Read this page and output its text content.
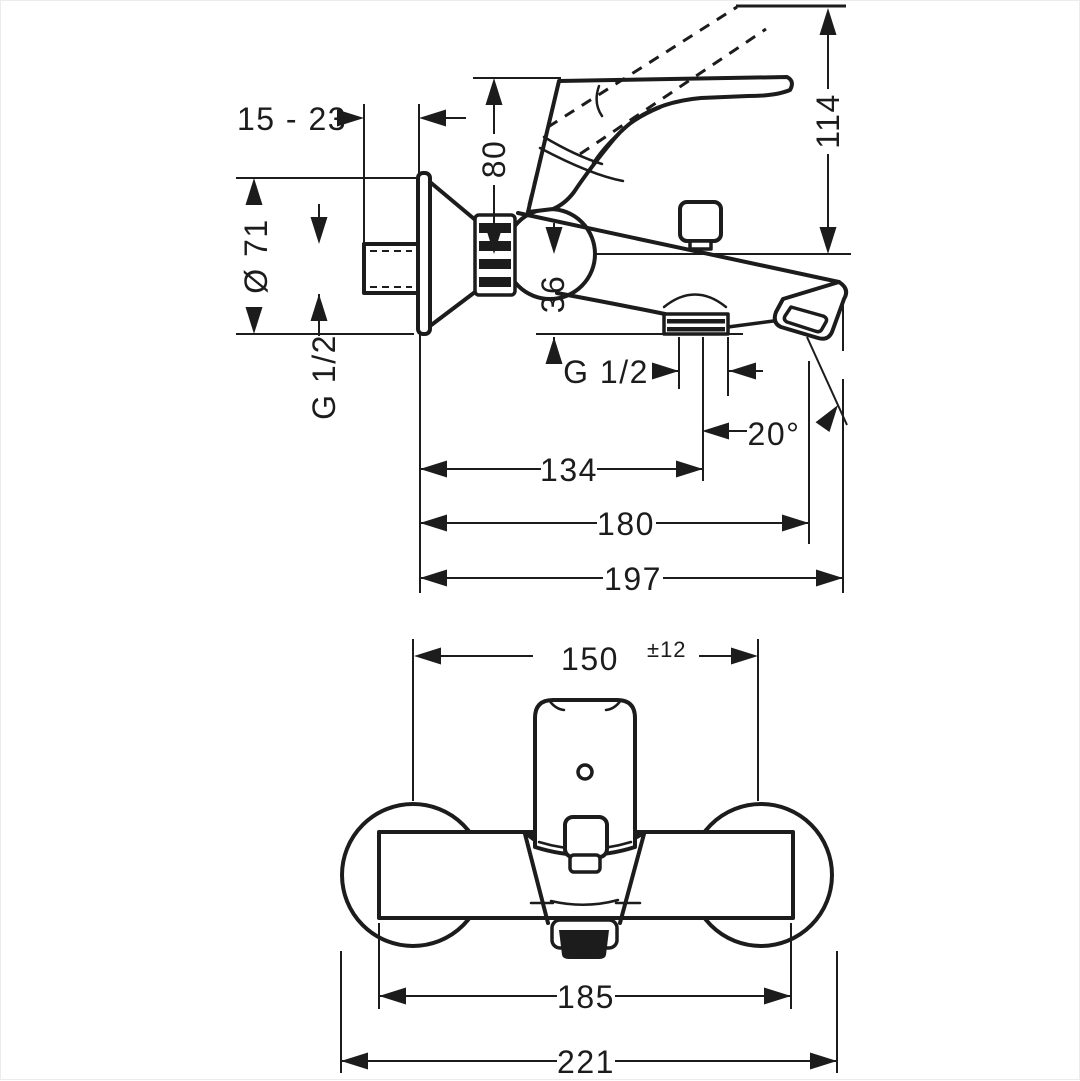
15 - 23
80
114
Ø 71
G 1/2
36
G 1/2
20°
134
180
197
150 ±12
185
221
